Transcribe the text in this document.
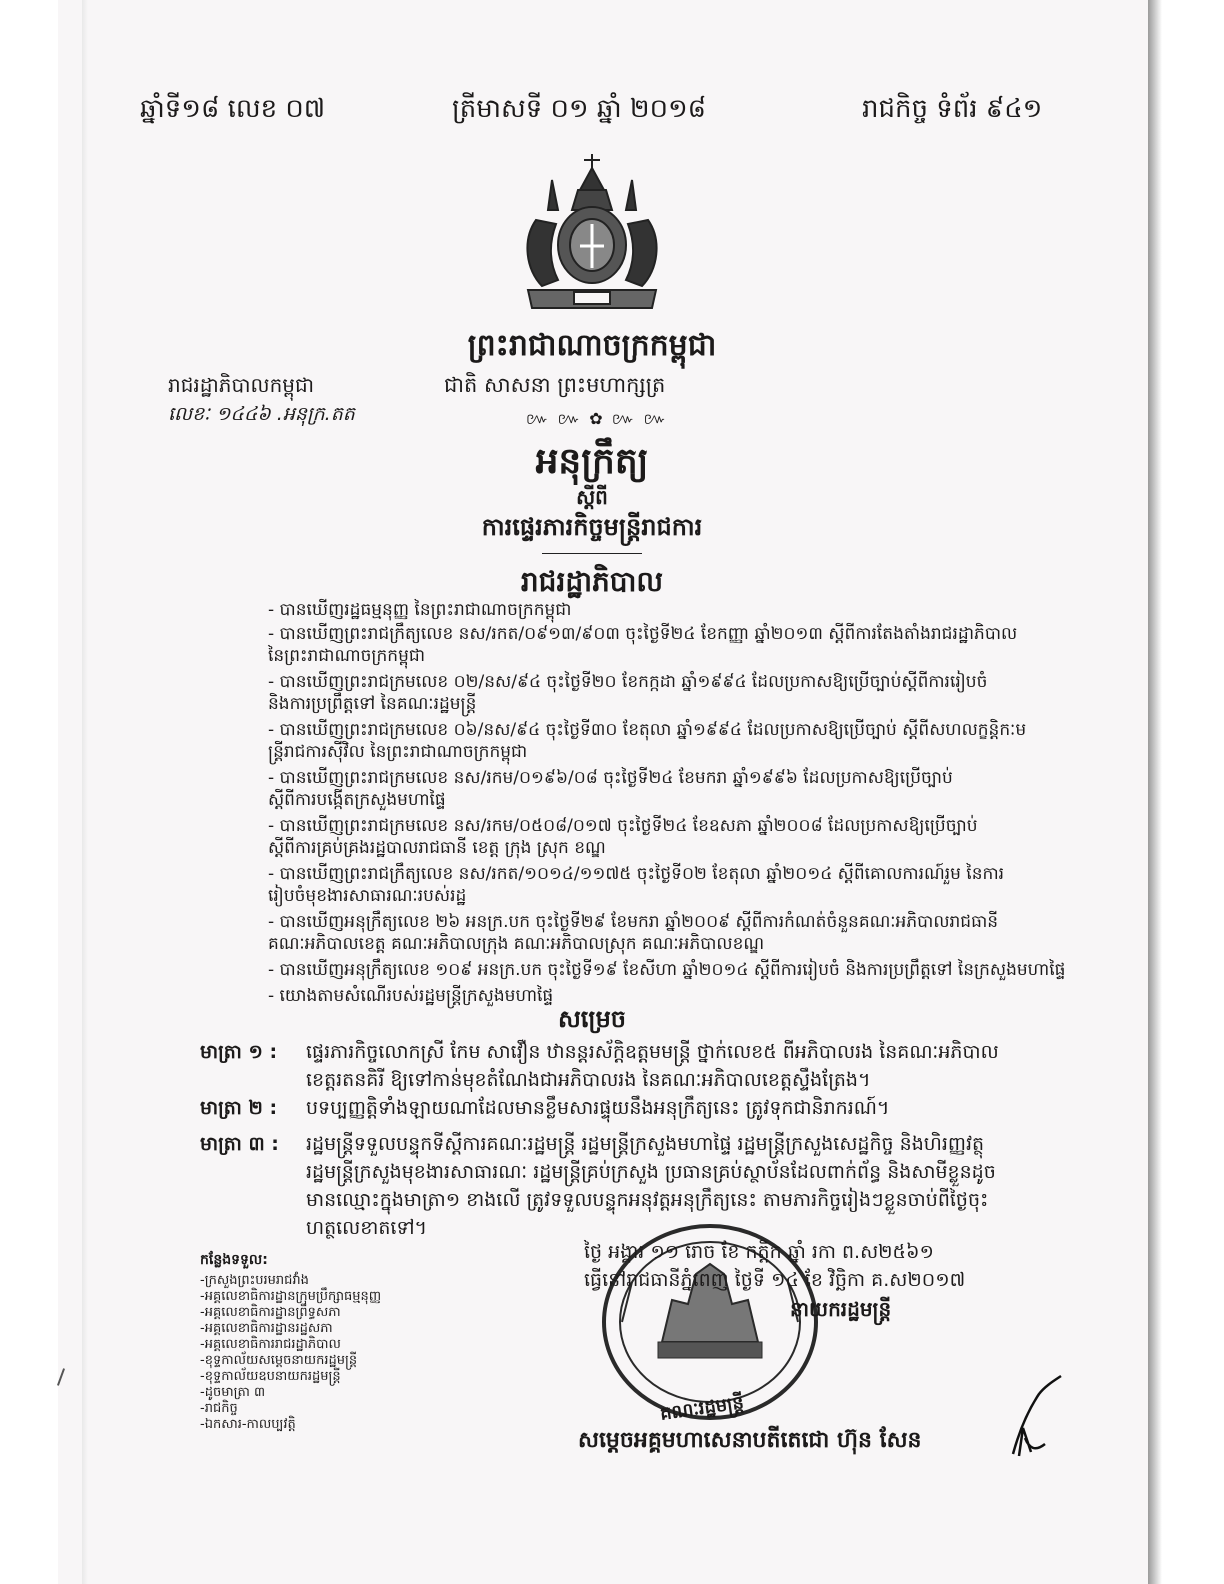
ឆ្នាំទី១៨ លេខ ០៧	ត្រីមាសទី ០១ ឆ្នាំ ២០១៨	រាជកិច្ច ទំព័រ ៩៤១
ព្រះរាជាណាចក្រកម្ពុជា
ជាតិ សាសនា ព្រះមហាក្សត្រ
៚ ៚ ✿ ៚ ៚
រាជរដ្ឋាភិបាលកម្ពុជា
លេខៈ ១៤៤៦ .អនុក្រ.តត
អនុក្រឹត្យ
ស្ដីពី
ការផ្ទេរភារកិច្ចមន្ត្រីរាជការ
រាជរដ្ឋាភិបាល
- បានឃើញរដ្ឋធម្មនុញ្ញ នៃព្រះរាជាណាចក្រកម្ពុជា
- បានឃើញព្រះរាជក្រឹត្យលេខ នស/រកត/០៩១៣/៩០៣ ចុះថ្ងៃទី២៤ ខែកញ្ញា ឆ្នាំ២០១៣ ស្ដីពីការតែងតាំងរាជរដ្ឋាភិបាល
នៃព្រះរាជាណាចក្រកម្ពុជា
- បានឃើញព្រះរាជក្រមលេខ ០២/នស/៩៤ ចុះថ្ងៃទី២០ ខែកក្កដា ឆ្នាំ១៩៩៤ ដែលប្រកាសឱ្យប្រើច្បាប់ស្ដីពីការរៀបចំ
និងការប្រព្រឹត្តទៅ នៃគណៈរដ្ឋមន្ត្រី
- បានឃើញព្រះរាជក្រមលេខ ០៦/នស/៩៤ ចុះថ្ងៃទី៣០ ខែតុលា ឆ្នាំ១៩៩៤ ដែលប្រកាសឱ្យប្រើច្បាប់ ស្ដីពីសហលក្ខន្តិកៈម
ន្ត្រីរាជការស៊ីវិល នៃព្រះរាជាណាចក្រកម្ពុជា
- បានឃើញព្រះរាជក្រមលេខ នស/រកម/០១៩៦/០៨ ចុះថ្ងៃទី២៤ ខែមករា ឆ្នាំ១៩៩៦ ដែលប្រកាសឱ្យប្រើច្បាប់
ស្ដីពីការបង្កើតក្រសួងមហាផ្ទៃ
- បានឃើញព្រះរាជក្រមលេខ នស/រកម/០៥០៨/០១៧ ចុះថ្ងៃទី២៤ ខែឧសភា ឆ្នាំ២០០៨ ដែលប្រកាសឱ្យប្រើច្បាប់
ស្ដីពីការគ្រប់គ្រងរដ្ឋបាលរាជធានី ខេត្ត ក្រុង ស្រុក ខណ្ឌ
- បានឃើញព្រះរាជក្រឹត្យលេខ នស/រកត/១០១៤/១១៧៥ ចុះថ្ងៃទី០២ ខែតុលា ឆ្នាំ២០១៤ ស្ដីពីគោលការណ៍រួម នៃការ
រៀបចំមុខងារសាធារណៈរបស់រដ្ឋ
- បានឃើញអនុក្រឹត្យលេខ ២៦ អនក្រ.បក ចុះថ្ងៃទី២៩ ខែមករា ឆ្នាំ២០០៩ ស្ដីពីការកំណត់ចំនួនគណៈអភិបាលរាជធានី
គណៈអភិបាលខេត្ត គណៈអភិបាលក្រុង គណៈអភិបាលស្រុក គណៈអភិបាលខណ្ឌ
- បានឃើញអនុក្រឹត្យលេខ ១០៩ អនក្រ.បក ចុះថ្ងៃទី១៩ ខែសីហា ឆ្នាំ២០១៤ ស្ដីពីការរៀបចំ និងការប្រព្រឹត្តទៅ នៃក្រសួងមហាផ្ទៃ
- យោងតាមសំណើរបស់រដ្ឋមន្ត្រីក្រសួងមហាផ្ទៃ
សម្រេច
មាត្រា ១ : ផ្ទេរភារកិច្ចលោកស្រី កែម សាវឿន ឋានន្តរស័ក្តិឧត្តមមន្ត្រី ថ្នាក់លេខ៥ ពីអភិបាលរង នៃគណៈអភិបាល
ខេត្តរតនគិរី ឱ្យទៅកាន់មុខតំណែងជាអភិបាលរង នៃគណៈអភិបាលខេត្តស្ទឹងត្រែង។
មាត្រា ២ : បទប្បញ្ញត្តិទាំងឡាយណាដែលមានខ្លឹមសារផ្ទុយនឹងអនុក្រឹត្យនេះ ត្រូវទុកជានិរាករណ៍។
មាត្រា ៣ : រដ្ឋមន្ត្រីទទួលបន្ទុកទីស្ដីការគណៈរដ្ឋមន្ត្រី រដ្ឋមន្ត្រីក្រសួងមហាផ្ទៃ រដ្ឋមន្ត្រីក្រសួងសេដ្ឋកិច្ច និងហិរញ្ញវត្ថុ
រដ្ឋមន្ត្រីក្រសួងមុខងារសាធារណៈ រដ្ឋមន្ត្រីគ្រប់ក្រសួង ប្រធានគ្រប់ស្ថាប័នដែលពាក់ព័ន្ធ និងសាមីខ្លួនដូច
មានឈ្មោះក្នុងមាត្រា១ ខាងលើ ត្រូវទទួលបន្ទុកអនុវត្តអនុក្រឹត្យនេះ តាមភារកិច្ចរៀងៗខ្លួនចាប់ពីថ្ងៃចុះ
ហត្ថលេខាតទៅ។
គណៈរដ្ឋមន្ត្រី
ថ្ងៃ អង្គារ ១១ រោច ខែ កត្តិក ឆ្នាំ រកា ព.ស២៥៦១
ធ្វើនៅរាជធានីភ្នំពេញ ថ្ងៃទី ១៤ ខែ វិច្ឆិកា គ.ស២០១៧
នាយករដ្ឋមន្ត្រី
កន្លែងទទួល:
-ក្រសួងព្រះបរមរាជវាំង
-អគ្គលេខាធិការដ្ឋានក្រុមប្រឹក្សាធម្មនុញ្ញ
-អគ្គលេខាធិការដ្ឋានព្រឹទ្ធសភា
-អគ្គលេខាធិការដ្ឋានរដ្ឋសភា
-អគ្គលេខាធិការរាជរដ្ឋាភិបាល
-ខុទ្ទកាល័យសម្ដេចនាយករដ្ឋមន្ត្រី
-ខុទ្ទកាល័យឧបនាយករដ្ឋមន្ត្រី
-ដូចមាត្រា ៣
-រាជកិច្ច
-ឯកសារ-កាលប្បវត្តិ
សម្ដេចអគ្គមហាសេនាបតីតេជោ ហ៊ុន សែន
